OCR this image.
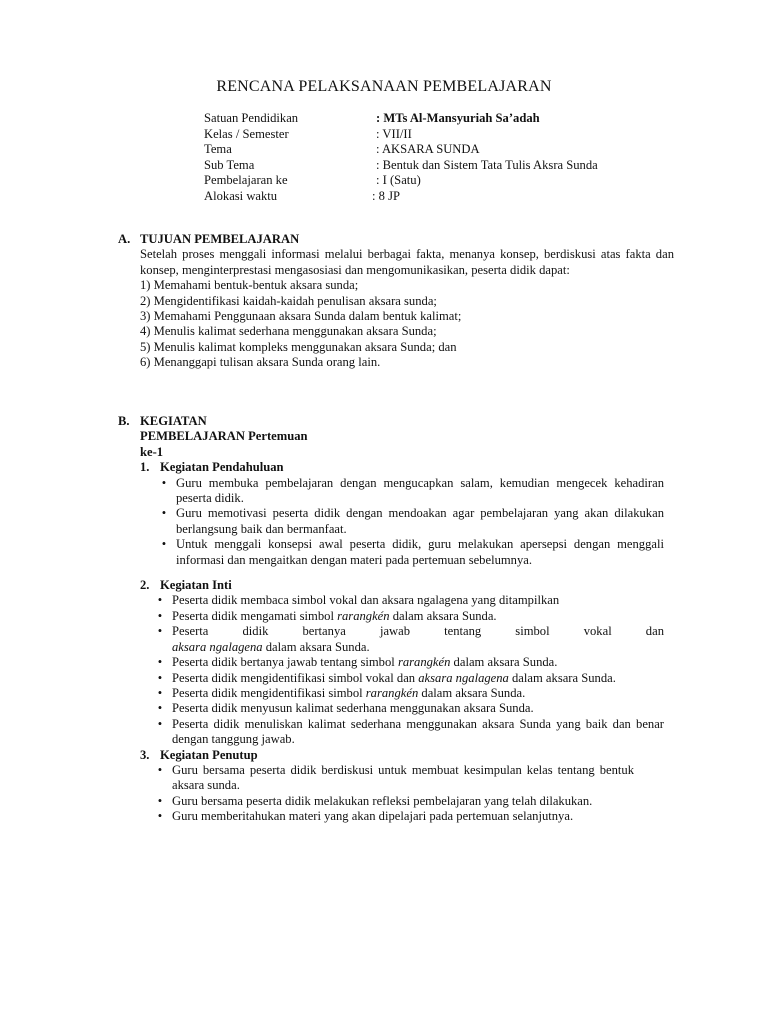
RENCANA PELAKSANAAN PEMBELAJARAN
Satuan Pendidikan	: MTs Al-Mansyuriah Sa’adah
Kelas / Semester	: VII/II
Tema	: AKSARA SUNDA
Sub Tema	: Bentuk dan Sistem Tata Tulis Aksra Sunda
Pembelajaran ke	: I (Satu)
Alokasi waktu	: 8 JP
A. TUJUAN PEMBELAJARAN
Setelah proses menggali informasi melalui berbagai fakta, menanya konsep, berdiskusi atas fakta dan konsep, menginterprestasi mengasosiasi dan mengomunikasikan, peserta didik dapat:
1) Memahami bentuk-bentuk aksara sunda;
2) Mengidentifikasi kaidah-kaidah penulisan aksara sunda;
3) Memahami Penggunaan aksara Sunda dalam bentuk kalimat;
4) Menulis kalimat sederhana menggunakan aksara Sunda;
5) Menulis kalimat kompleks menggunakan aksara Sunda; dan
6) Menanggapi tulisan aksara Sunda orang lain.
B. KEGIATAN
PEMBELAJARAN Pertemuan
ke-1
1. Kegiatan Pendahuluan
• Guru membuka pembelajaran dengan mengucapkan salam, kemudian mengecek kehadiran peserta didik.
• Guru memotivasi peserta didik dengan mendoakan agar pembelajaran yang akan dilakukan berlangsung baik dan bermanfaat.
• Untuk menggali konsepsi awal peserta didik, guru melakukan apersepsi dengan menggali informasi dan mengaitkan dengan materi pada pertemuan sebelumnya.
2. Kegiatan Inti
• Peserta didik membaca simbol vokal dan aksara ngalagena yang ditampilkan
• Peserta didik mengamati simbol rarangkén dalam aksara Sunda.
• Peserta didik bertanya jawab tentang simbol vokal dan aksara ngalagena dalam aksara Sunda.
• Peserta didik bertanya jawab tentang simbol rarangkén dalam aksara Sunda.
• Peserta didik mengidentifikasi simbol vokal dan aksara ngalagena dalam aksara Sunda.
• Peserta didik mengidentifikasi simbol rarangkén dalam aksara Sunda.
• Peserta didik menyusun kalimat sederhana menggunakan aksara Sunda.
• Peserta didik menuliskan kalimat sederhana menggunakan aksara Sunda yang baik dan benar dengan tanggung jawab.
3. Kegiatan Penutup
• Guru bersama peserta didik berdiskusi untuk membuat kesimpulan kelas tentang bentuk aksara sunda.
• Guru bersama peserta didik melakukan refleksi pembelajaran yang telah dilakukan.
• Guru memberitahukan materi yang akan dipelajari pada pertemuan selanjutnya.
